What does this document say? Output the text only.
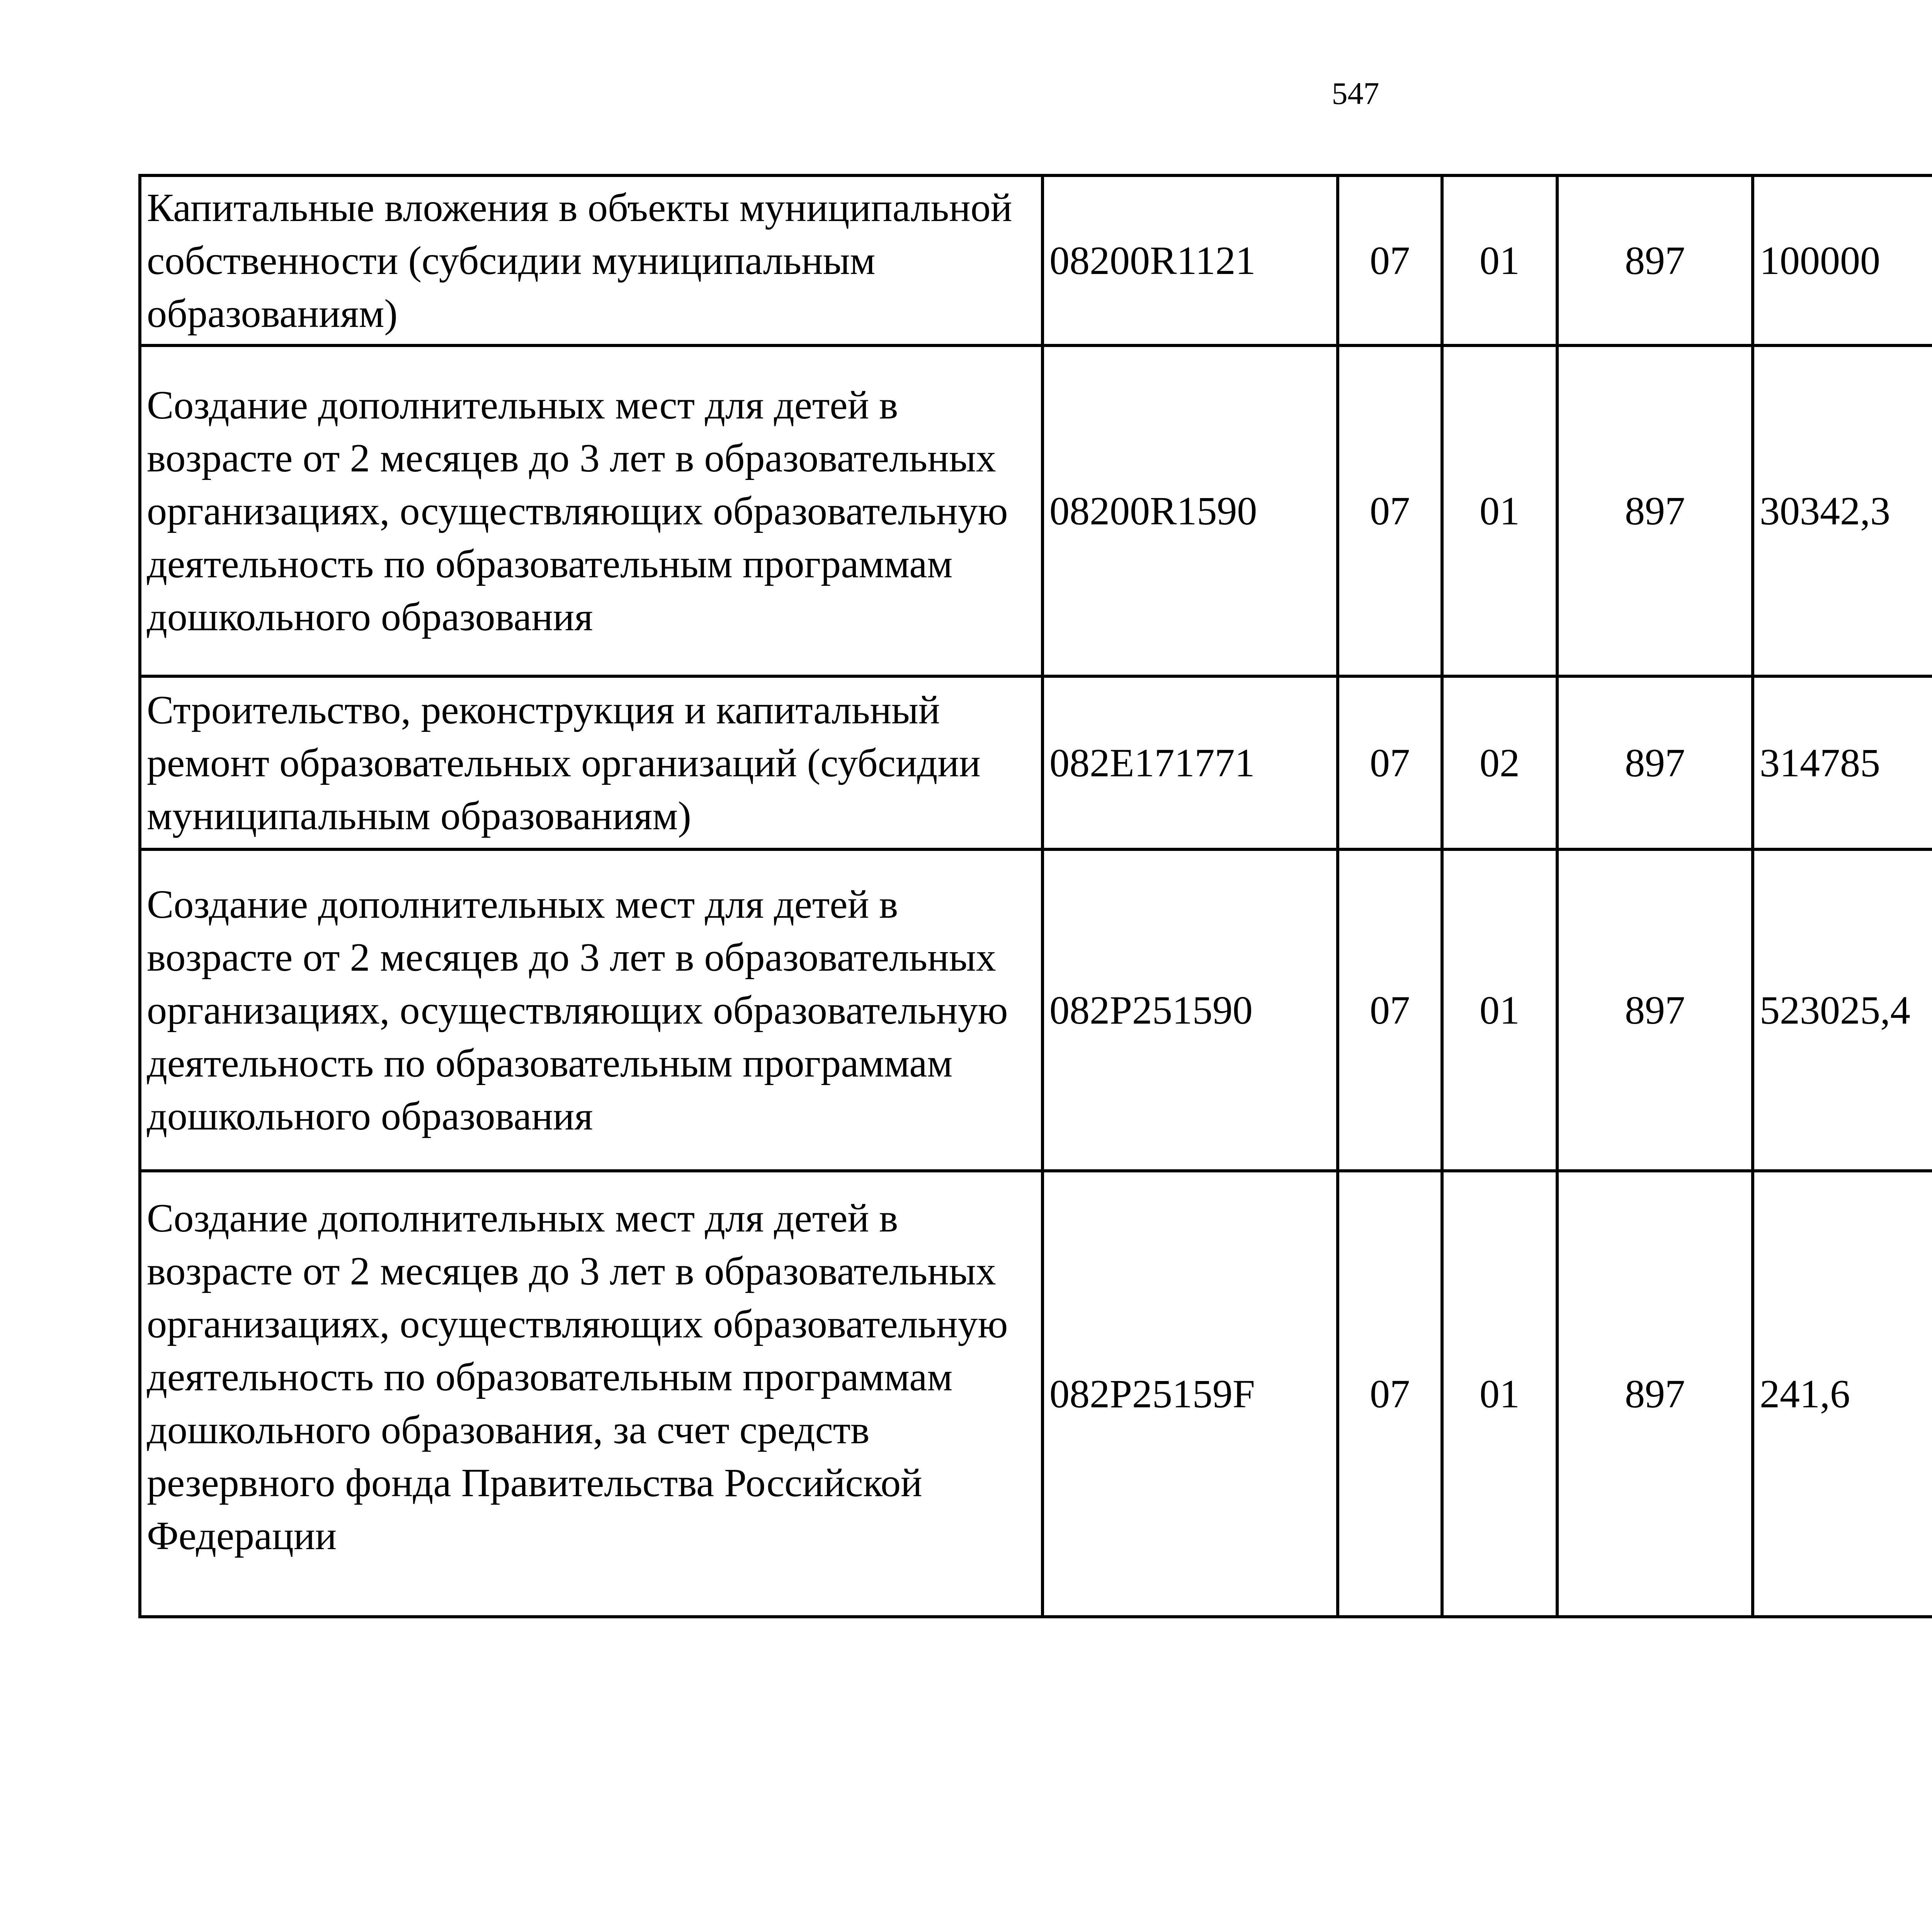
547
Капитальные вложения в объекты муниципальной собственности (субсидии муниципальным образованиям)	08200R1121	07	01	897	100000		
Создание дополнительных мест для детей в возрасте от 2 месяцев до 3 лет в образовательных организациях, осуществляющих образовательную деятельность по образовательным программам дошкольного образования	08200R1590	07	01	897	30342,3		
Строительство, реконструкция и капитальный ремонт образовательных организаций (субсидии муниципальным образованиям)	082E171771	07	02	897	314785		
Создание дополнительных мест для детей в возрасте от 2 месяцев до 3 лет в образовательных организациях, осуществляющих образовательную деятельность по образовательным программам дошкольного образования	082P251590	07	01	897	523025,4		
Создание дополнительных мест для детей в возрасте от 2 месяцев до 3 лет в образовательных организациях, осуществляющих образовательную деятельность по образовательным программам дошкольного образования, за счет средств резервного фонда Правительства Российской Федерации	082P25159F	07	01	897	241,6		
